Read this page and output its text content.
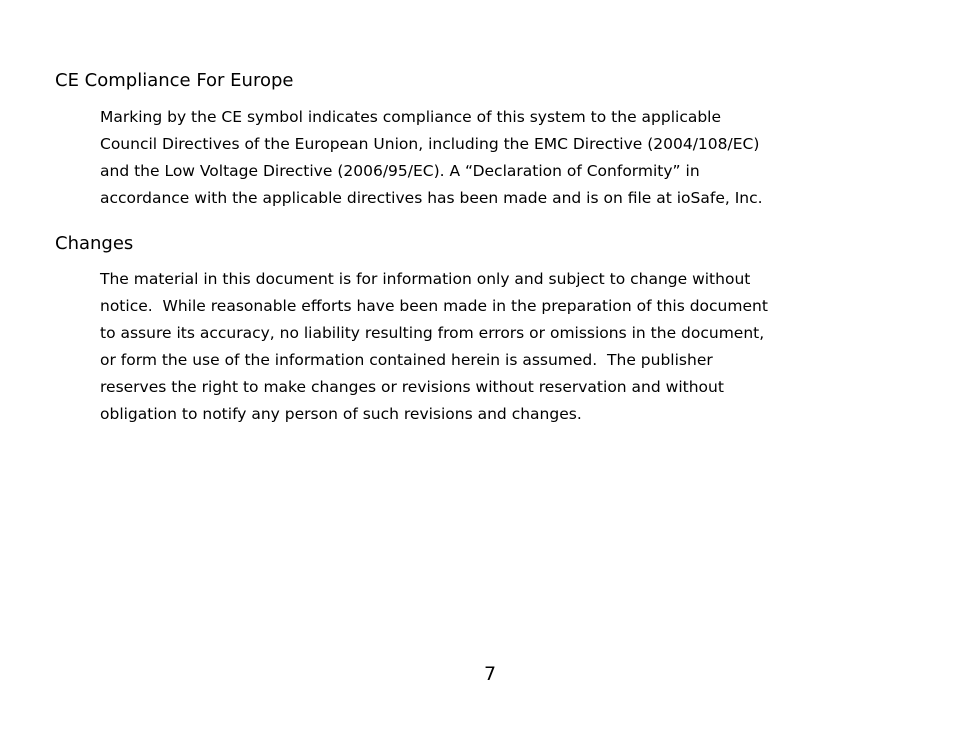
CE Compliance For Europe
Marking by the CE symbol indicates compliance of this system to the applicable
Council Directives of the European Union, including the EMC Directive (2004/108/EC)
and the Low Voltage Directive (2006/95/EC). A “Declaration of Conformity” in
accordance with the applicable directives has been made and is on file at ioSafe, Inc.
Changes
The material in this document is for information only and subject to change without
notice.  While reasonable efforts have been made in the preparation of this document
to assure its accuracy, no liability resulting from errors or omissions in the document,
or form the use of the information contained herein is assumed.  The publisher
reserves the right to make changes or revisions without reservation and without
obligation to notify any person of such revisions and changes.
7
